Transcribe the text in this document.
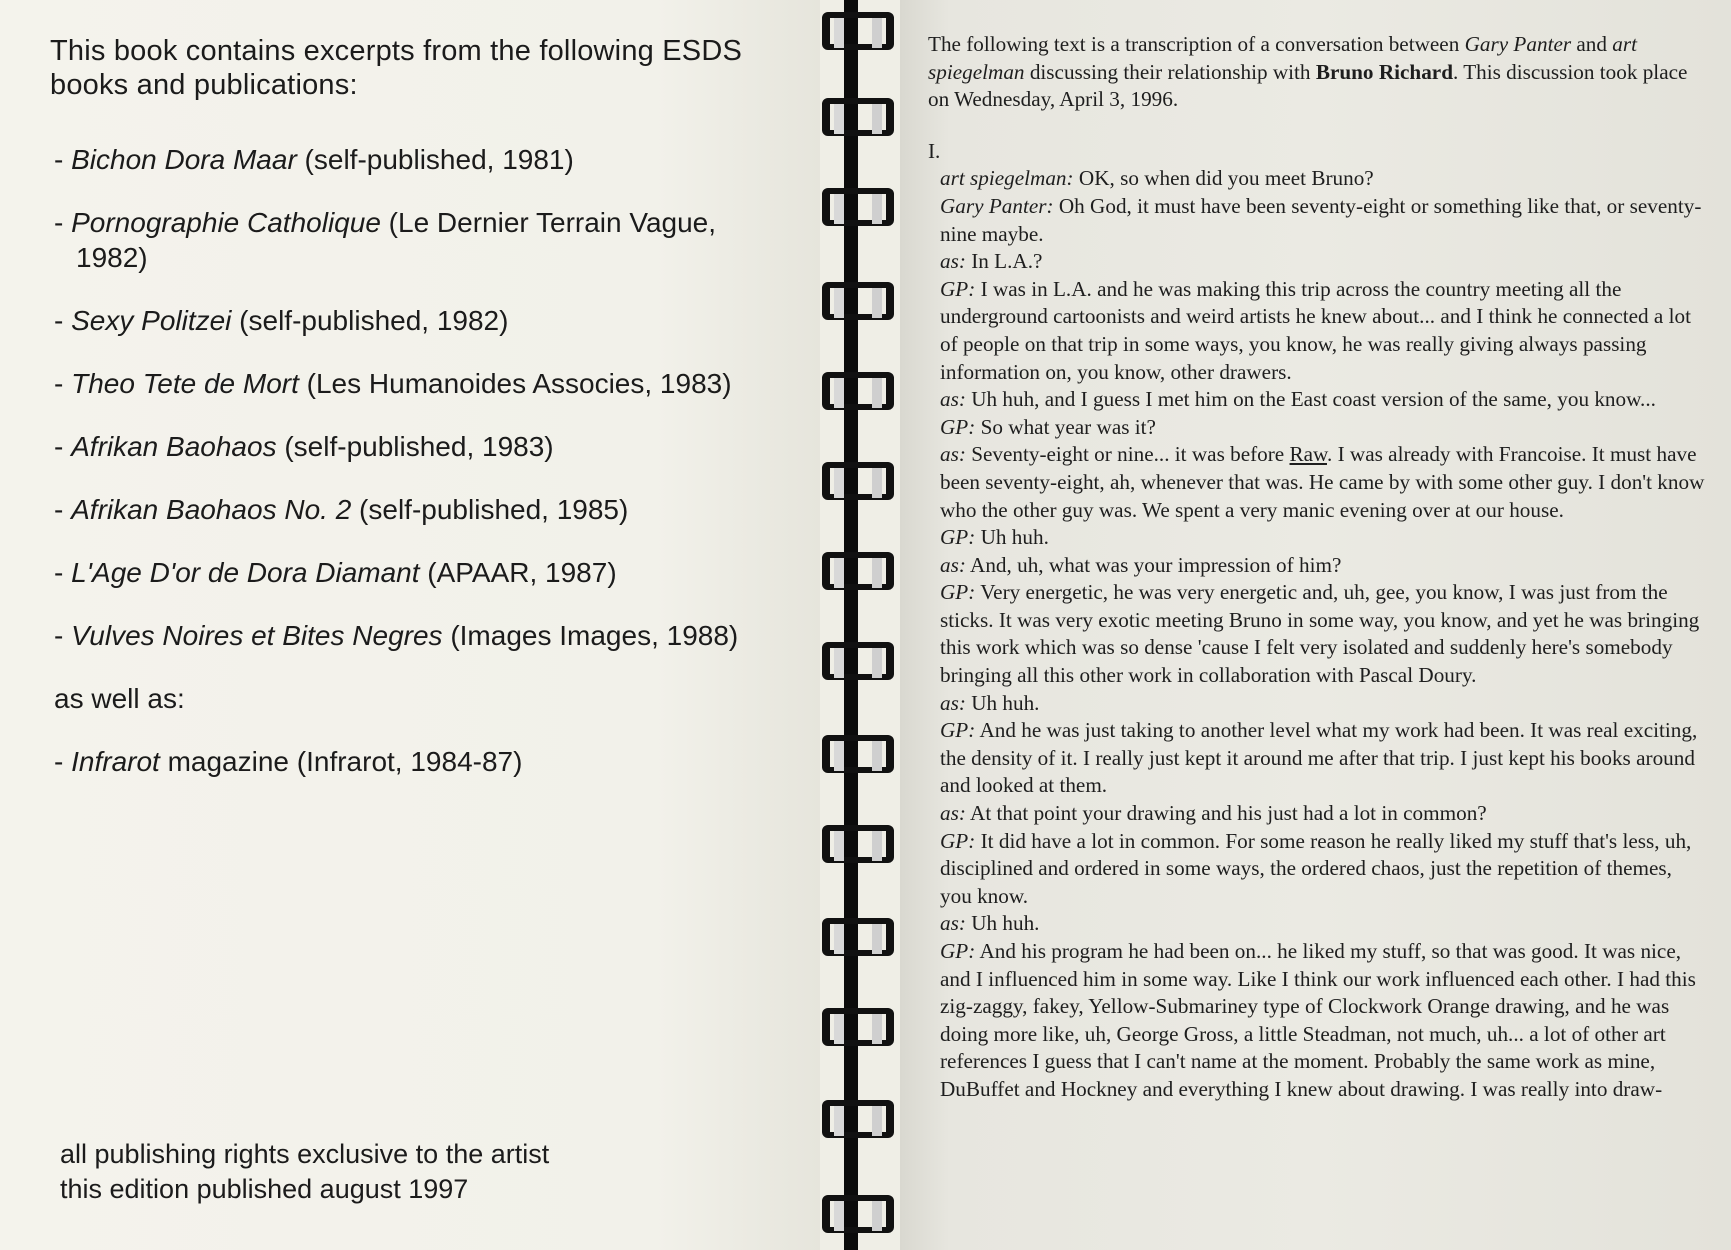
This book contains excerpts from the following ESDS books and publications:

- Bichon Dora Maar (self-published, 1981)
- Pornographie Catholique (Le Dernier Terrain Vague, 1982)
- Sexy Politzei (self-published, 1982)
- Theo Tete de Mort (Les Humanoides Associes, 1983)
- Afrikan Baohaos (self-published, 1983)
- Afrikan Baohaos No. 2 (self-published, 1985)
- L'Age D'or de Dora Diamant (APAAR, 1987)
- Vulves Noires et Bites Negres (Images Images, 1988)

as well as:

- Infrarot magazine (Infrarot, 1984-87)

all publishing rights exclusive to the artist
this edition published august 1997

The following text is a transcription of a conversation between Gary Panter and art spiegelman discussing their relationship with Bruno Richard. This discussion took place on Wednesday, April 3, 1996.

I.

art spiegelman: OK, so when did you meet Bruno?

Gary Panter: Oh God, it must have been seventy-eight or something like that, or seventy-nine maybe.

as: In L.A.?

GP: I was in L.A. and he was making this trip across the country meeting all the underground cartoonists and weird artists he knew about... and I think he connected a lot of people on that trip in some ways, you know, he was really giving always passing information on, you know, other drawers.

as: Uh huh, and I guess I met him on the East coast version of the same, you know...

GP: So what year was it?

as: Seventy-eight or nine... it was before Raw. I was already with Francoise. It must have been seventy-eight, ah, whenever that was. He came by with some other guy. I don't know who the other guy was. We spent a very manic evening over at our house.

GP: Uh huh.

as: And, uh, what was your impression of him?

GP: Very energetic, he was very energetic and, uh, gee, you know, I was just from the sticks. It was very exotic meeting Bruno in some way, you know, and yet he was bringing this work which was so dense 'cause I felt very isolated and suddenly here's somebody bringing all this other work in collaboration with Pascal Doury.

as: Uh huh.

GP: And he was just taking to another level what my work had been. It was real exciting, the density of it. I really just kept it around me after that trip. I just kept his books around and looked at them.

as: At that point your drawing and his just had a lot in common?

GP: It did have a lot in common. For some reason he really liked my stuff that's less, uh, disciplined and ordered in some ways, the ordered chaos, just the repetition of themes, you know.

as: Uh huh.

GP: And his program he had been on... he liked my stuff, so that was good. It was nice, and I influenced him in some way. Like I think our work influenced each other. I had this zig-zaggy, fakey, Yellow-Submariney type of Clockwork Orange drawing, and he was doing more like, uh, George Gross, a little Steadman, not much, uh... a lot of other art references I guess that I can't name at the moment. Probably the same work as mine, DuBuffet and Hockney and everything I knew about drawing. I was really into draw-
